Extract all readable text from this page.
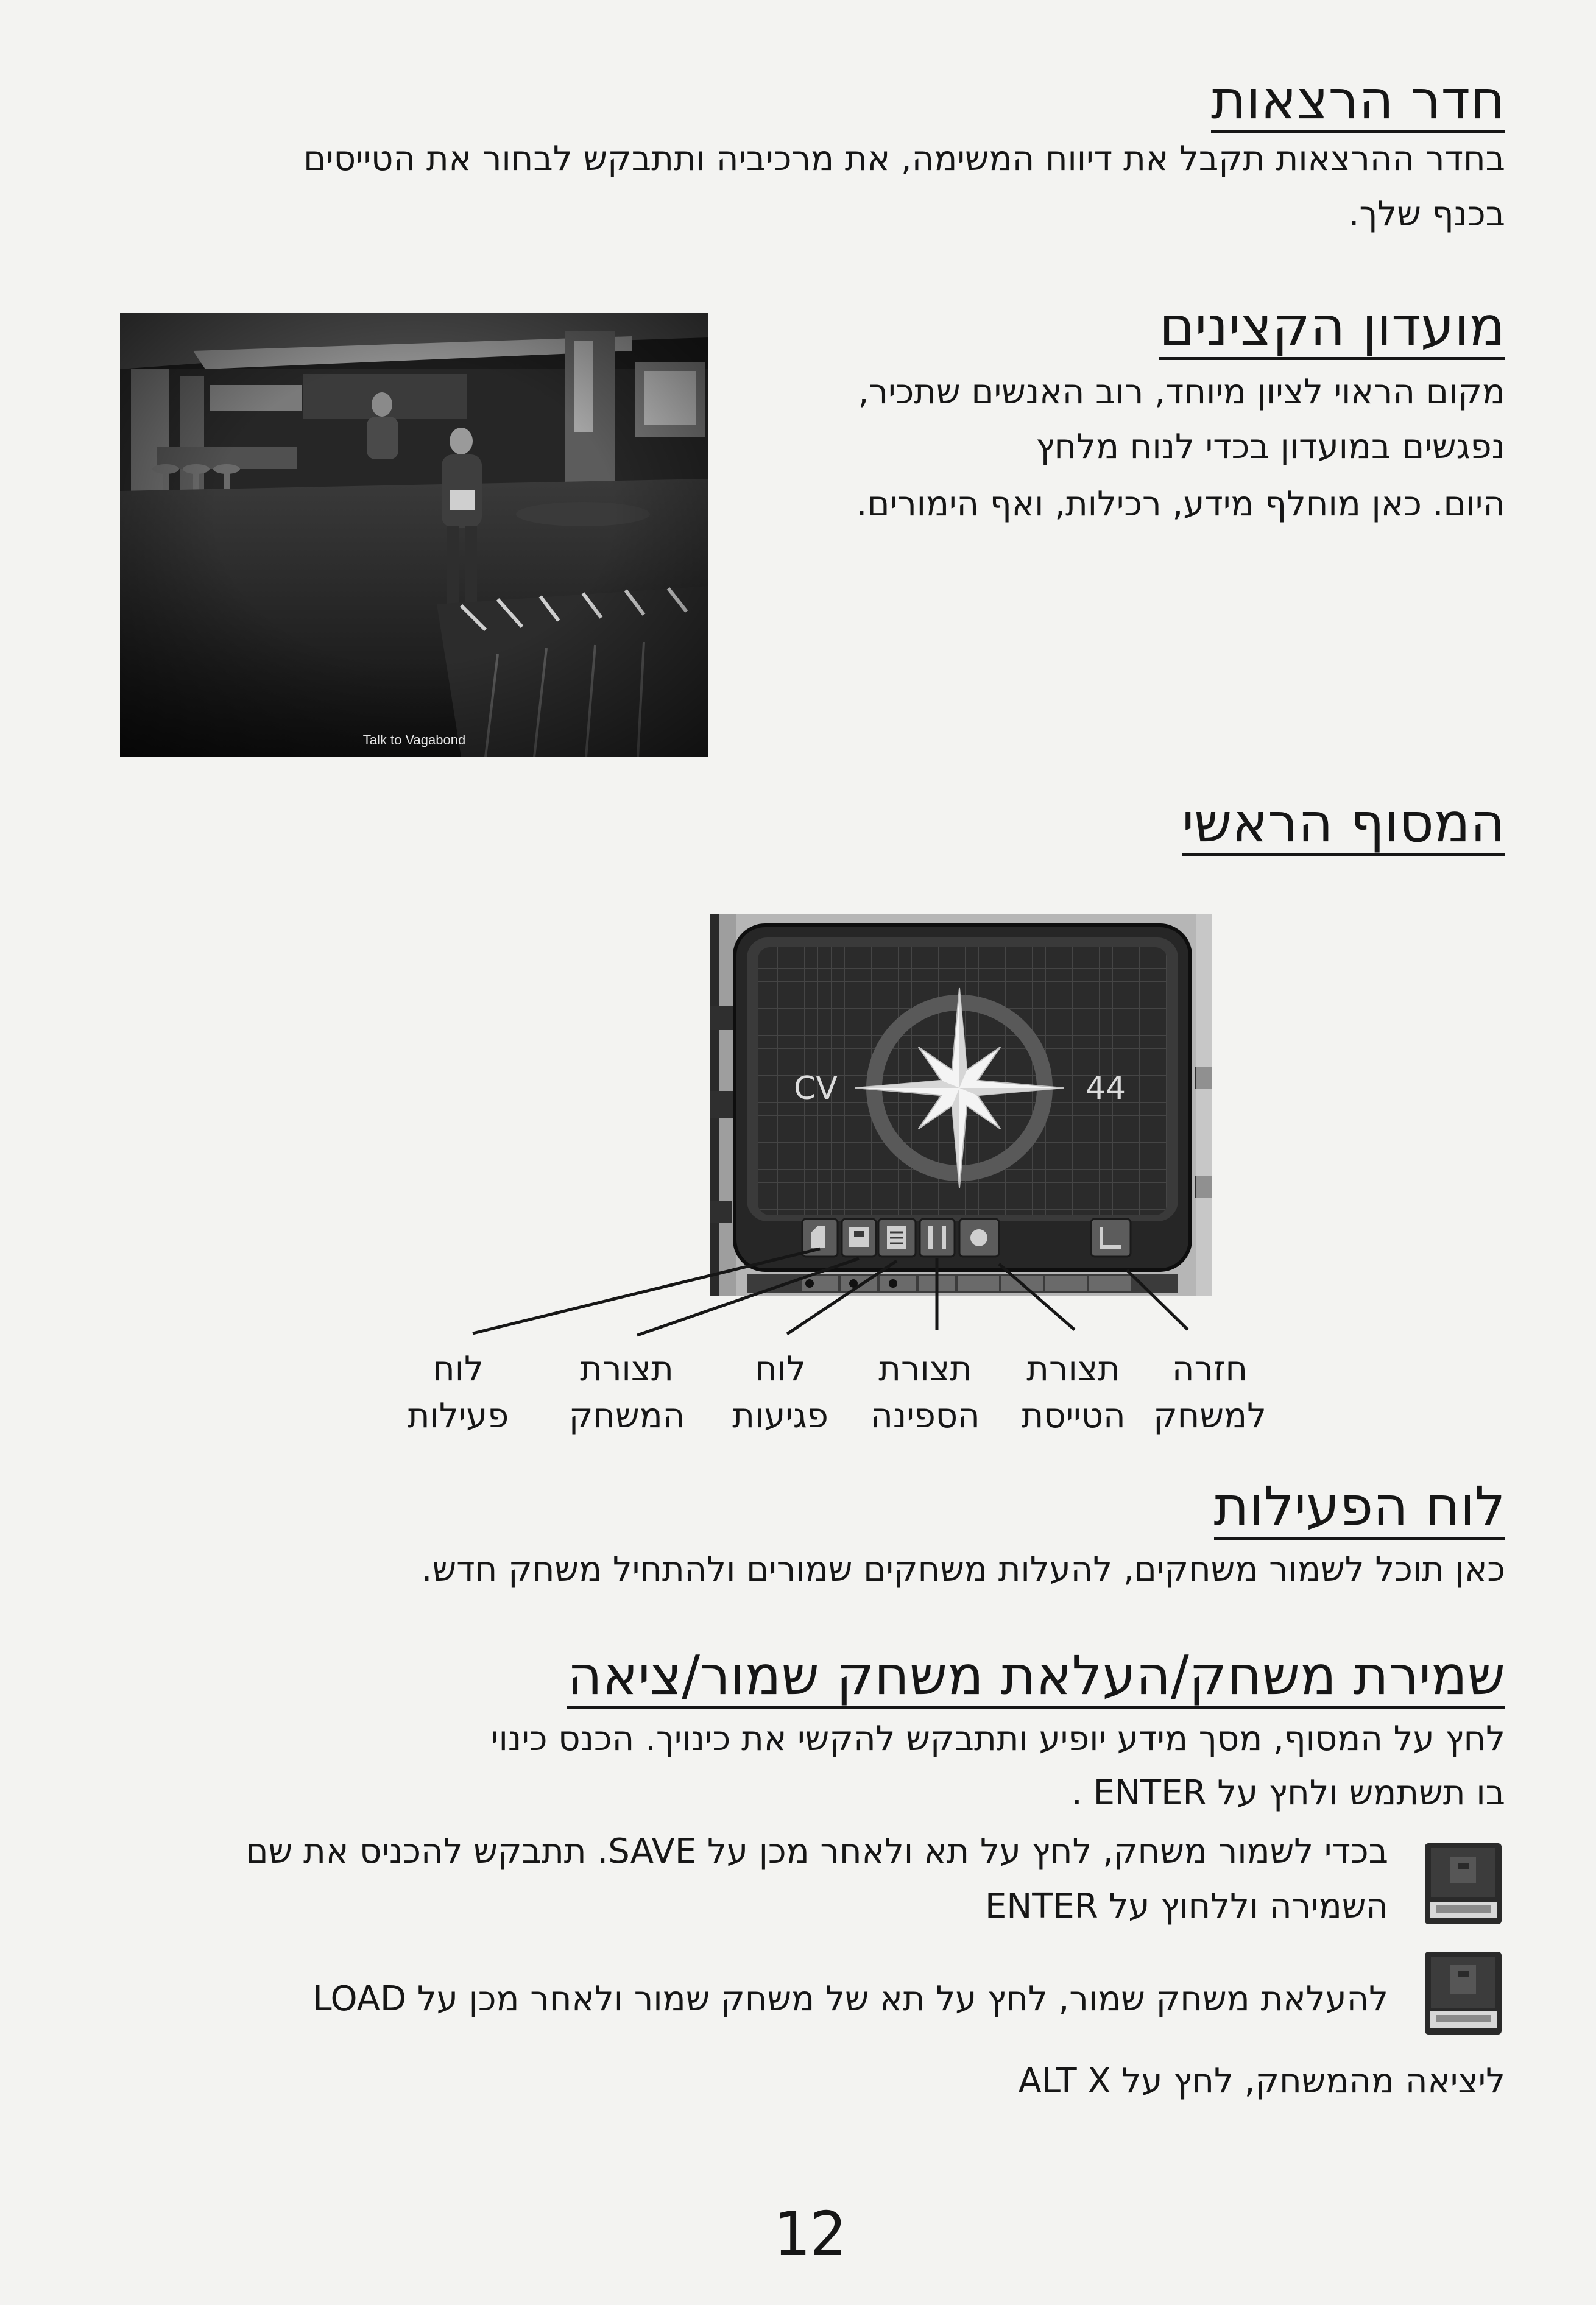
חדר הרצאות
בחדר ההרצאות תקבל את דיווח המשימה, את מרכיביה ותתבקש לבחור את הטייסים
בכנף שלך.
Talk to Vagabond
מועדון הקצינים
מקום הראוי לציון מיוחד, רוב האנשים שתכיר,
נפגשים במועדון בכדי לנוח מלחץ
היום. כאן מוחלף מידע, רכילות, ואף הימורים.
המסוף הראשי
CV	44
לוח
פעילות
תצורת
המשחק
לוח
פגיעות
תצורת
הספינה
תצורת
הטייסת
חזרה
למשחק
לוח הפעילות
כאן תוכל לשמור משחקים, להעלות משחקים שמורים ולהתחיל משחק חדש.
שמירת משחק/העלאת משחק שמור/ציאה
לחץ על המסוף, מסך מידע יופיע ותתבקש להקשי את כינויך. הכנס כינוי
בו תשתמש ולחץ על ENTER .
בכדי לשמור משחק, לחץ על תא ולאחר מכן על SAVE. תתבקש להכניס את שם
השמירה וללחוץ על ENTER
להעלאת משחק שמור, לחץ על תא של משחק שמור ולאחר מכן על LOAD
ליציאה מהמשחק, לחץ על ALT X
12
